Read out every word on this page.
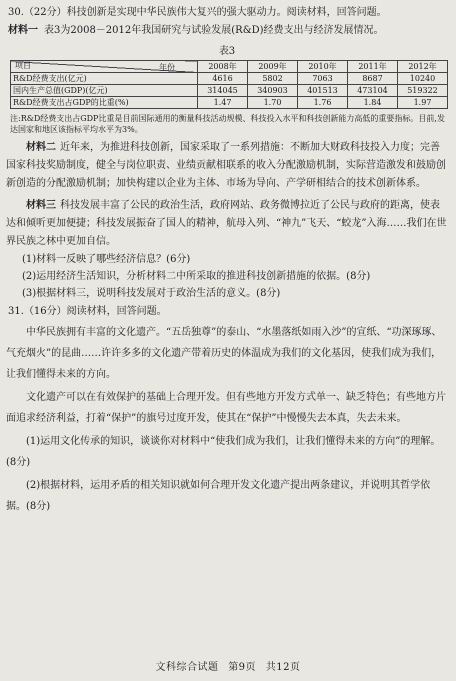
30.（22分）科技创新是实现中华民族伟大复兴的强大驱动力。阅读材料，回答问题。

材料一 表3为2008－2012年我国研究与试验发展(R&D)经费支出与经济发展情况。

表3
年份
项目	2008年	2009年	2010年	2011年	2012年
R&D经费支出(亿元)	4616	5802	7063	8687	10240
国内生产总值(GDP)(亿元)	314045	340903	401513	473104	519322
R&D经费支出占GDP的比重(%)	1.47	1.70	1.76	1.84	1.97

注:R&D经费支出占GDP比重是目前国际通用的衡量科技活动规模、科技投入水平和科技创新能力高低的重要指标。目前,发达国家和地区该指标平均水平为3%。

材料二 近年来，为推进科技创新，国家采取了一系列措施：不断加大财政科技投入力度；完善国家科技奖励制度，健全与岗位职责、业绩贡献相联系的收入分配激励机制，实际营造激发和鼓励创新创造的分配激励机制；加快构建以企业为主体、市场为导向、产学研相结合的技术创新体系。

材料三 科技发展丰富了公民的政治生活，政府网站、政务微博拉近了公民与政府的距离，使表达和倾听更加便捷；科技发展振奋了国人的精神，航母入列、“神九”飞天、“蛟龙”入海……我们在世界民族之林中更加自信。

(1)材料一反映了哪些经济信息？(6分)

(2)运用经济生活知识，分析材料二中所采取的推进科技创新措施的依据。(8分)

(3)根据材料三，说明科技发展对于政治生活的意义。(8分)

31.（16分）阅读材料，回答问题。

中华民族拥有丰富的文化遗产。“五岳独尊”的泰山、“水墨落纸如雨入沙”的宣纸、“功深琢琢、气充烟火”的昆曲……许许多多的文化遗产带着历史的体温成为我们的文化基因，使我们成为我们，让我们懂得未来的方向。

文化遗产可以在有效保护的基础上合理开发。但有些地方开发方式单一、缺乏特色；有些地方片面追求经济利益，打着“保护”的旗号过度开发，使其在“保护”中慢慢失去本真，失去未来。

(1)运用文化传承的知识，谈谈你对材料中“使我们成为我们，让我们懂得未来的方向”的理解。(8分)

(2)根据材料，运用矛盾的相关知识就如何合理开发文化遗产提出两条建议，并说明其哲学依据。(8分)

文科综合试题 第9页 共12页
